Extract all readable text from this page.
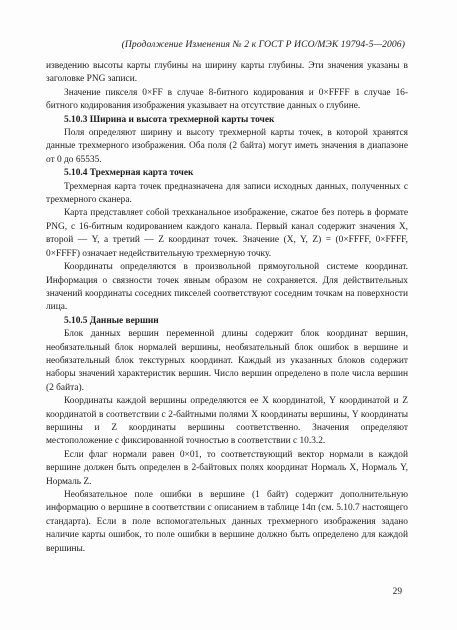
(Продолжение Изменения № 2 к ГОСТ Р ИСО/МЭК 19794-5—2006)

изведению высоты карты глубины на ширину карты глубины. Эти значения указаны в заголовке PNG записи.

Значение пикселя 0×FF в случае 8-битного кодирования и 0×FFFF в случае 16-битного кодирования изображения указывает на отсутствие данных о глубине.

5.10.3 Ширина и высота трехмерной карты точек

Поля определяют ширину и высоту трехмерной карты точек, в которой хранятся данные трехмерного изображения. Оба поля (2 байта) могут иметь значения в диапазоне от 0 до 65535.

5.10.4 Трехмерная карта точек

Трехмерная карта точек предназначена для записи исходных данных, полученных с трехмерного сканера.

Карта представляет собой трехканальное изображение, сжатое без потерь в формате PNG, с 16-битным кодированием каждого канала. Первый канал содержит значения X, второй — Y, а третий — Z координат точек. Значение (X, Y, Z) = (0×FFFF, 0×FFFF, 0×FFFF) означает недействительную трехмерную точку.

Координаты определяются в произвольной прямоугольной системе координат. Информация о связности точек явным образом не сохраняется. Для действительных значений координаты соседних пикселей соответствуют соседним точкам на поверхности лица.

5.10.5 Данные вершин

Блок данных вершин переменной длины содержит блок координат вершин, необязательный блок нормалей вершины, необязательный блок ошибок в вершине и необязательный блок текстурных координат. Каждый из указанных блоков содержит наборы значений характеристик вершин. Число вершин определено в поле числа вершин (2 байта).

Координаты каждой вершины определяются ее X координатой, Y координатой и Z координатой в соответствии с 2-байтными полями X координаты вершины, Y координаты вершины и Z координаты вершины соответственно. Значения определяют местоположение с фиксированной точностью в соответствии с 10.3.2.

Если флаг нормали равен 0×01, то соответствующий вектор нормали в каждой вершине должен быть определен в 2-байтовых полях координат Нормаль X, Нормаль Y, Нормаль Z.

Необязательное поле ошибки в вершине (1 байт) содержит дополнительную информацию о вершине в соответствии с описанием в таблице 14п (см. 5.10.7 настоящего стандарта). Если в поле вспомогательных данных трехмерного изображения задано наличие карты ошибок, то поле ошибки в вершине должно быть определено для каждой вершины.

29
